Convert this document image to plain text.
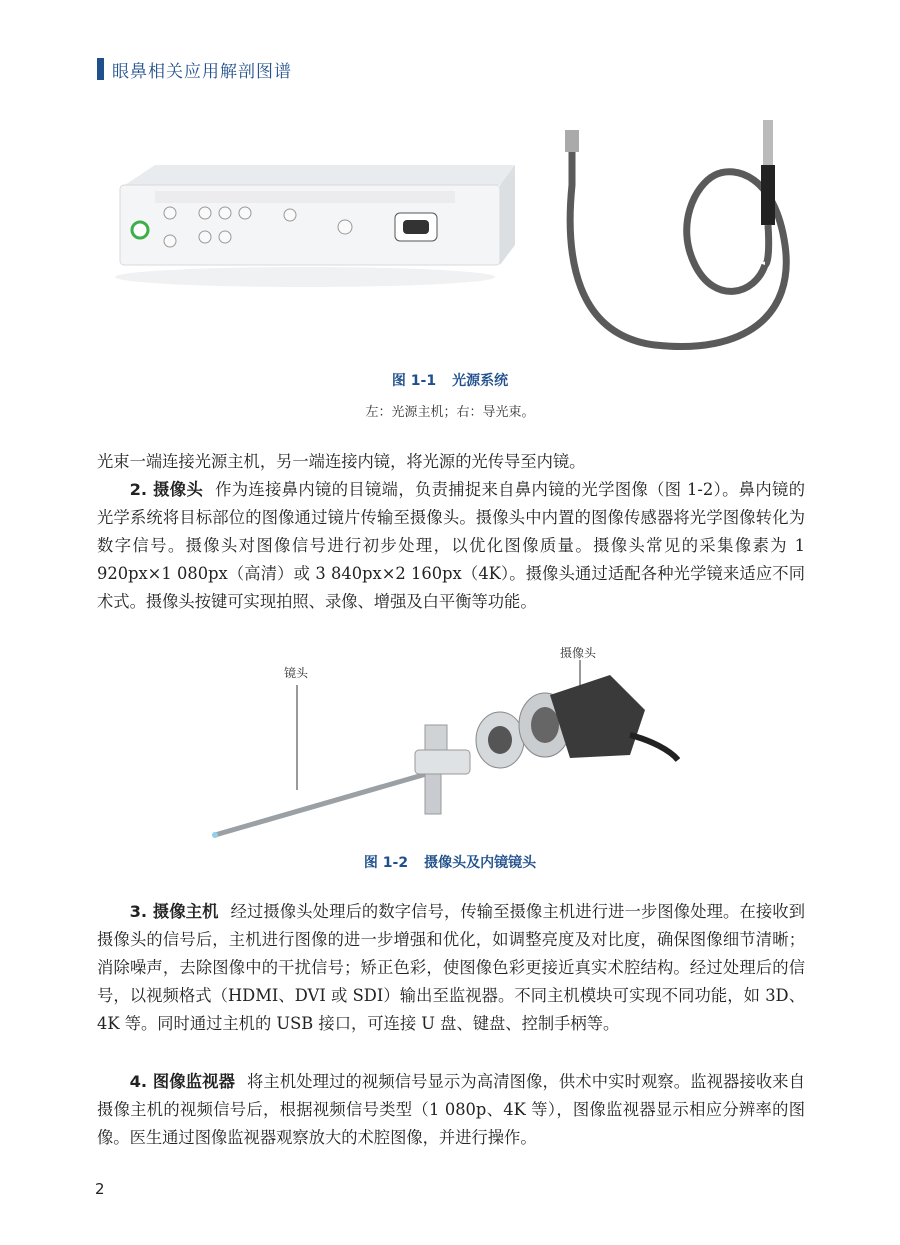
眼鼻相关应用解剖图谱
图 1-1 光源系统
左：光源主机；右：导光束。

光束一端连接光源主机，另一端连接内镜，将光源的光传导至内镜。

2. 摄像头 作为连接鼻内镜的目镜端，负责捕捉来自鼻内镜的光学图像（图 1-2）。鼻内镜的光学系统将目标部位的图像通过镜片传输至摄像头。摄像头中内置的图像传感器将光学图像转化为数字信号。摄像头对图像信号进行初步处理，以优化图像质量。摄像头常见的采集像素为 1 920px×1 080px（高清）或 3 840px×2 160px（4K）。摄像头通过适配各种光学镜来适应不同术式。摄像头按键可实现拍照、录像、增强及白平衡等功能。

镜头
摄像头
图 1-2 摄像头及内镜镜头

3. 摄像主机 经过摄像头处理后的数字信号，传输至摄像主机进行进一步图像处理。在接收到摄像头的信号后，主机进行图像的进一步增强和优化，如调整亮度及对比度，确保图像细节清晰；消除噪声，去除图像中的干扰信号；矫正色彩，使图像色彩更接近真实术腔结构。经过处理后的信号，以视频格式（HDMI、DVI 或 SDI）输出至监视器。不同主机模块可实现不同功能，如 3D、4K 等。同时通过主机的 USB 接口，可连接 U 盘、键盘、控制手柄等。

4. 图像监视器 将主机处理过的视频信号显示为高清图像，供术中实时观察。监视器接收来自摄像主机的视频信号后，根据视频信号类型（1 080p、4K 等），图像监视器显示相应分辨率的图像。医生通过图像监视器观察放大的术腔图像，并进行操作。

2
